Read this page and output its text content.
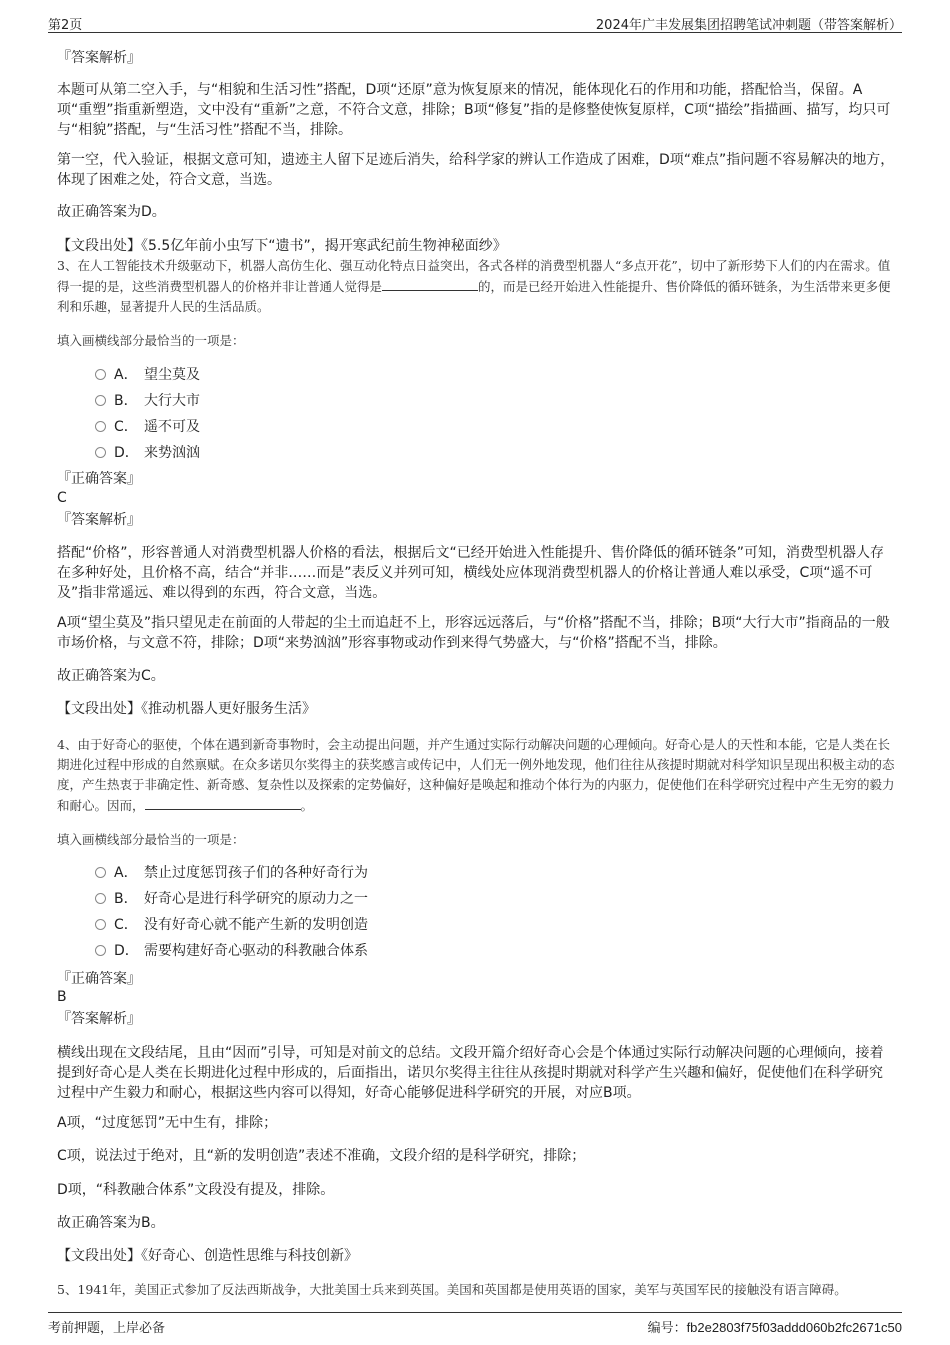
第2页	2024年广丰发展集团招聘笔试冲刺题（带答案解析）
『答案解析』
本题可从第二空入手，与“相貌和生活习性”搭配，D项“还原”意为恢复原来的情况，能体现化石的作用和功能，搭配恰当，保留。A项“重塑”指重新塑造，文中没有“重新”之意，不符合文意，排除；B项“修复”指的是修整使恢复原样，C项“描绘”指描画、描写，均只可与“相貌”搭配，与“生活习性”搭配不当，排除。
第一空，代入验证，根据文意可知，遗迹主人留下足迹后消失，给科学家的辨认工作造成了困难，D项“难点”指问题不容易解决的地方，体现了困难之处，符合文意，当选。
故正确答案为D。
【文段出处】《5.5亿年前小虫写下“遗书”，揭开寒武纪前生物神秘面纱》
3、在人工智能技术升级驱动下，机器人高仿生化、强互动化特点日益突出，各式各样的消费型机器人“多点开花”，切中了新形势下人们的内在需求。值得一提的是，这些消费型机器人的价格并非让普通人觉得是	的，而是已经开始进入性能提升、售价降低的循环链条，为生活带来更多便利和乐趣，显著提升人民的生活品质。
填入画横线部分最恰当的一项是：
A． 望尘莫及
B． 大行大市
C． 遥不可及
D． 来势汹汹
『正确答案』
C
『答案解析』
搭配“价格”，形容普通人对消费型机器人价格的看法，根据后文“已经开始进入性能提升、售价降低的循环链条”可知，消费型机器人存在多种好处，且价格不高，结合“并非……而是”表反义并列可知，横线处应体现消费型机器人的价格让普通人难以承受，C项“遥不可及”指非常遥远、难以得到的东西，符合文意，当选。
A项“望尘莫及”指只望见走在前面的人带起的尘土而追赶不上，形容远远落后，与“价格”搭配不当，排除；B项“大行大市”指商品的一般市场价格，与文意不符，排除；D项“来势汹汹”形容事物或动作到来得气势盛大，与“价格”搭配不当，排除。
故正确答案为C。
【文段出处】《推动机器人更好服务生活》
4、由于好奇心的驱使，个体在遇到新奇事物时，会主动提出问题，并产生通过实际行动解决问题的心理倾向。好奇心是人的天性和本能，它是人类在长期进化过程中形成的自然禀赋。在众多诺贝尔奖得主的获奖感言或传记中，人们无一例外地发现，他们往往从孩提时期就对科学知识呈现出积极主动的态度，产生热衷于非确定性、新奇感、复杂性以及探索的定势偏好，这种偏好是唤起和推动个体行为的内驱力，促使他们在科学研究过程中产生无穷的毅力和耐心。因而，	。
填入画横线部分最恰当的一项是：
A． 禁止过度惩罚孩子们的各种好奇行为
B． 好奇心是进行科学研究的原动力之一
C． 没有好奇心就不能产生新的发明创造
D． 需要构建好奇心驱动的科教融合体系
『正确答案』
B
『答案解析』
横线出现在文段结尾，且由“因而”引导，可知是对前文的总结。文段开篇介绍好奇心会是个体通过实际行动解决问题的心理倾向，接着提到好奇心是人类在长期进化过程中形成的，后面指出，诺贝尔奖得主往往从孩提时期就对科学产生兴趣和偏好，促使他们在科学研究过程中产生毅力和耐心，根据这些内容可以得知，好奇心能够促进科学研究的开展，对应B项。
A项，“过度惩罚”无中生有，排除；
C项，说法过于绝对，且“新的发明创造”表述不准确，文段介绍的是科学研究，排除；
D项，“科教融合体系”文段没有提及，排除。
故正确答案为B。
【文段出处】《好奇心、创造性思维与科技创新》
5、1941年，美国正式参加了反法西斯战争，大批美国士兵来到英国。美国和英国都是使用英语的国家，美军与英国军民的接触没有语言障碍。
考前押题，上岸必备	编号：fb2e2803f75f03addd060b2fc2671c50
